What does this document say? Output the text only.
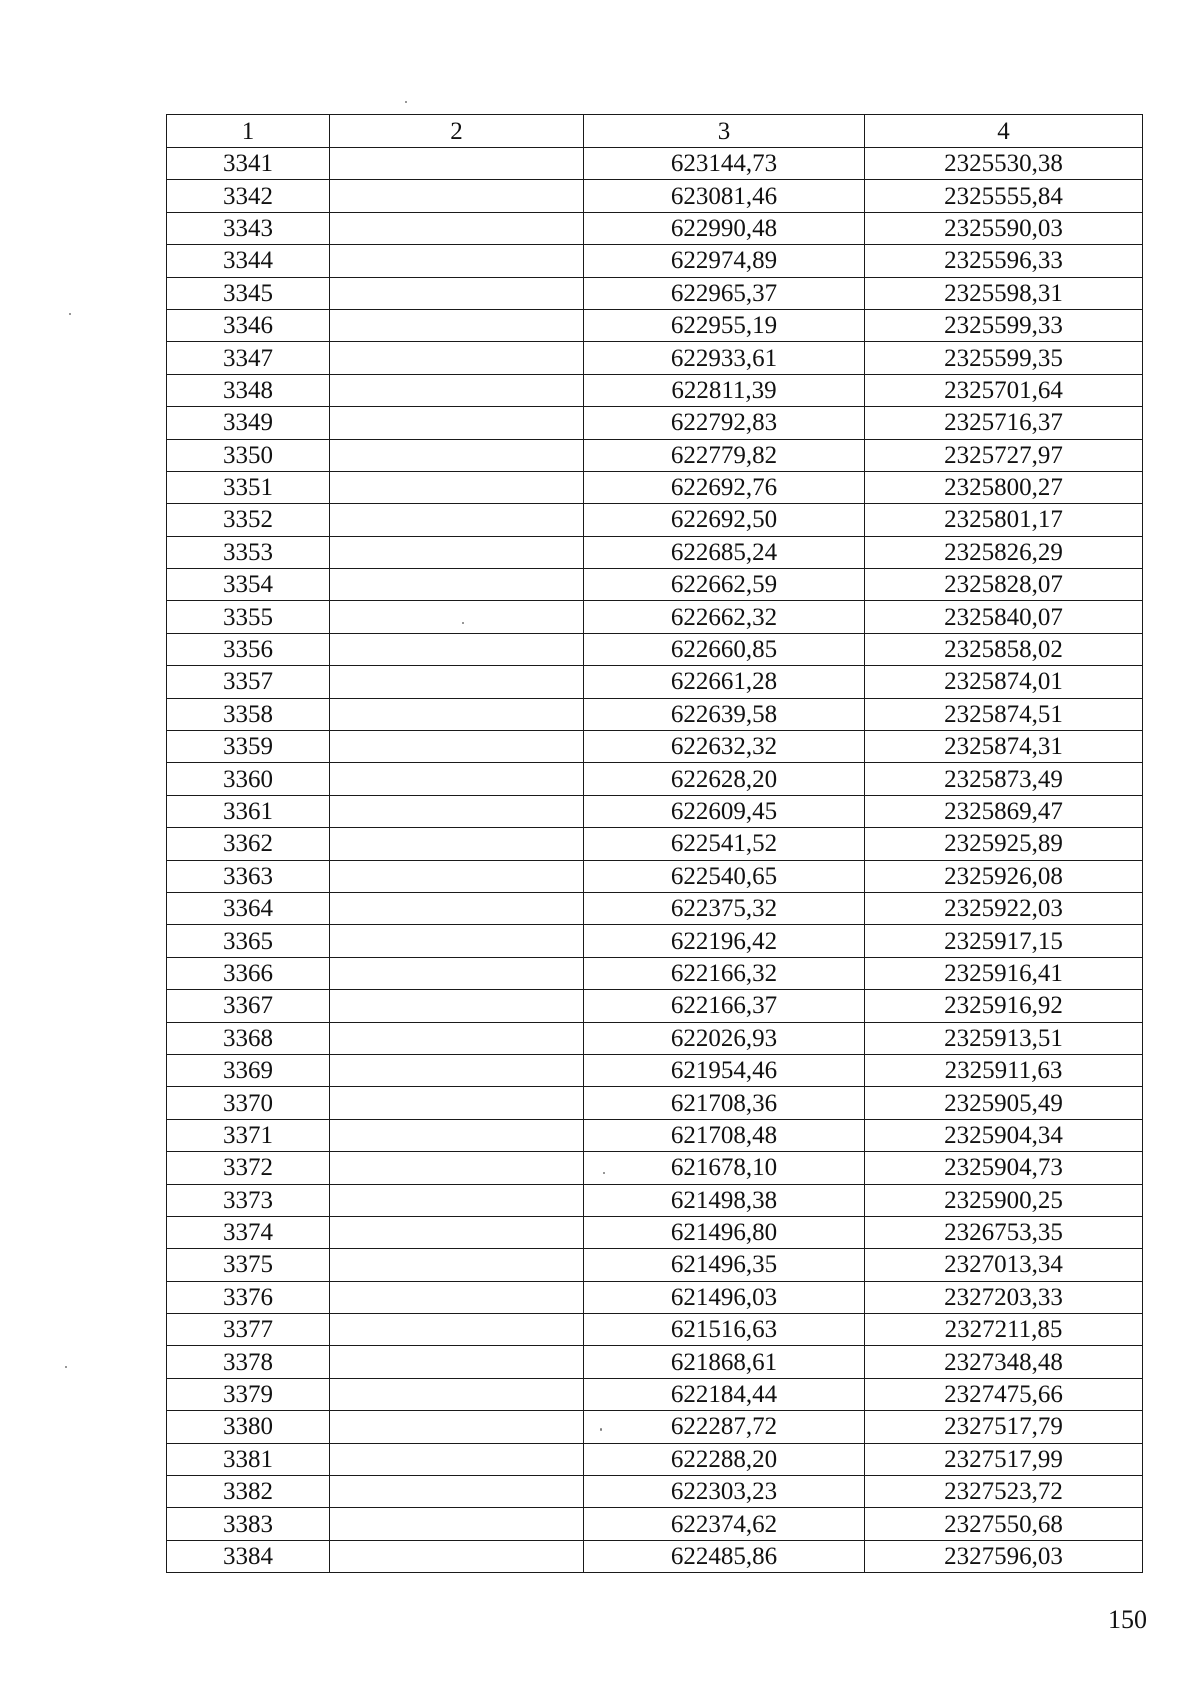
1	2	3	4
3341		623144,73	2325530,38
3342		623081,46	2325555,84
3343		622990,48	2325590,03
3344		622974,89	2325596,33
3345		622965,37	2325598,31
3346		622955,19	2325599,33
3347		622933,61	2325599,35
3348		622811,39	2325701,64
3349		622792,83	2325716,37
3350		622779,82	2325727,97
3351		622692,76	2325800,27
3352		622692,50	2325801,17
3353		622685,24	2325826,29
3354		622662,59	2325828,07
3355		622662,32	2325840,07
3356		622660,85	2325858,02
3357		622661,28	2325874,01
3358		622639,58	2325874,51
3359		622632,32	2325874,31
3360		622628,20	2325873,49
3361		622609,45	2325869,47
3362		622541,52	2325925,89
3363		622540,65	2325926,08
3364		622375,32	2325922,03
3365		622196,42	2325917,15
3366		622166,32	2325916,41
3367		622166,37	2325916,92
3368		622026,93	2325913,51
3369		621954,46	2325911,63
3370		621708,36	2325905,49
3371		621708,48	2325904,34
3372		621678,10	2325904,73
3373		621498,38	2325900,25
3374		621496,80	2326753,35
3375		621496,35	2327013,34
3376		621496,03	2327203,33
3377		621516,63	2327211,85
3378		621868,61	2327348,48
3379		622184,44	2327475,66
3380		622287,72	2327517,79
3381		622288,20	2327517,99
3382		622303,23	2327523,72
3383		622374,62	2327550,68
3384		622485,86	2327596,03
150
